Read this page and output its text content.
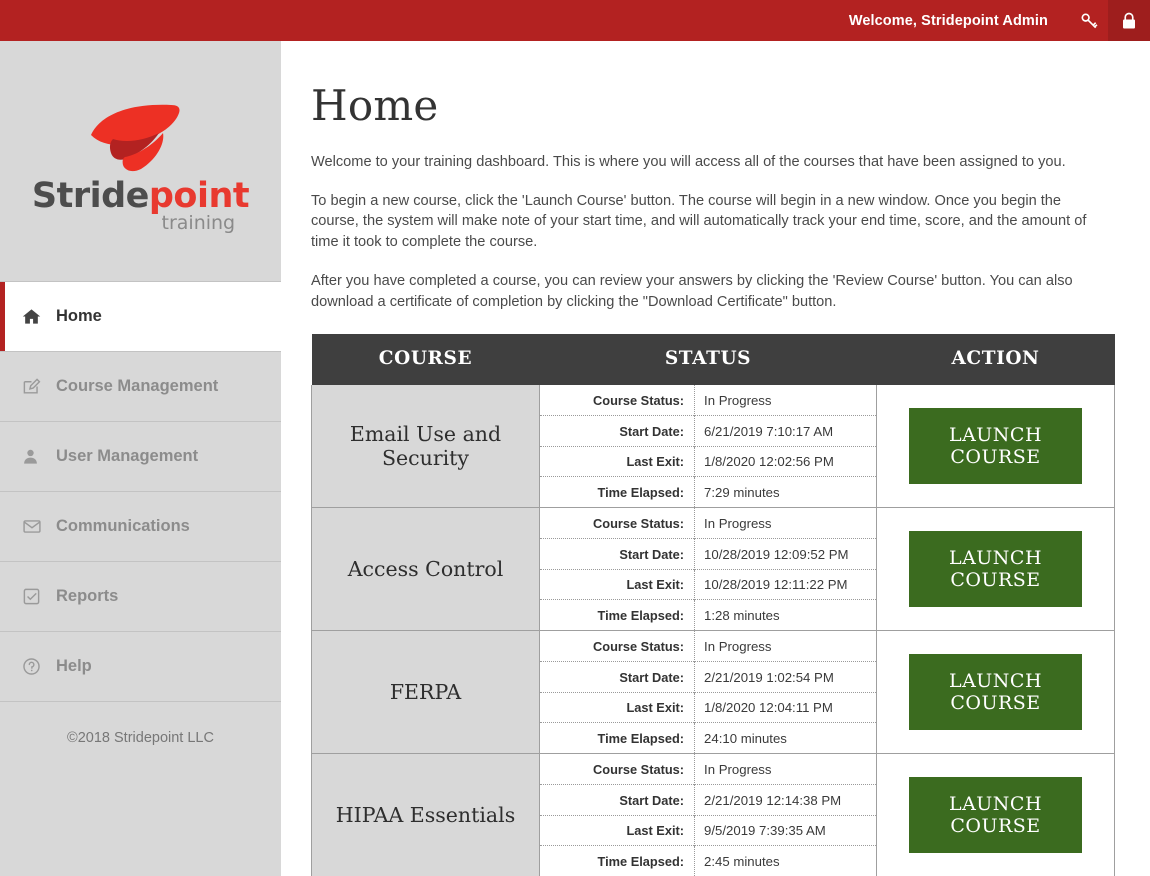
Welcome, Stridepoint Admin
Stridepoint
training
Home
Course Management
User Management
Communications
Reports
Help
©2018 Stridepoint LLC
Home

Welcome to your training dashboard. This is where you will access all of the courses that have been assigned to you.

To begin a new course, click the 'Launch Course' button. The course will begin in a new window. Once you begin the course, the system will make note of your start time, and will automatically track your end time, score, and the amount of time it took to complete the course.

After you have completed a course, you can review your answers by clicking the 'Review Course' button. You can also download a certificate of completion by clicking the "Download Certificate" button.

COURSE	STATUS	ACTION
Email Use and Security	
Course Status:	In Progress
Start Date:	6/21/2019 7:10:17 AM
Last Exit:	1/8/2020 12:02:56 PM
Time Elapsed:	7:29 minutes
	LAUNCH COURSE
Access Control	
Course Status:	In Progress
Start Date:	10/28/2019 12:09:52 PM
Last Exit:	10/28/2019 12:11:22 PM
Time Elapsed:	1:28 minutes
	LAUNCH COURSE
FERPA	
Course Status:	In Progress
Start Date:	2/21/2019 1:02:54 PM
Last Exit:	1/8/2020 12:04:11 PM
Time Elapsed:	24:10 minutes
	LAUNCH COURSE
HIPAA Essentials	
Course Status:	In Progress
Start Date:	2/21/2019 12:14:38 PM
Last Exit:	9/5/2019 7:39:35 AM
Time Elapsed:	2:45 minutes
	LAUNCH COURSE
